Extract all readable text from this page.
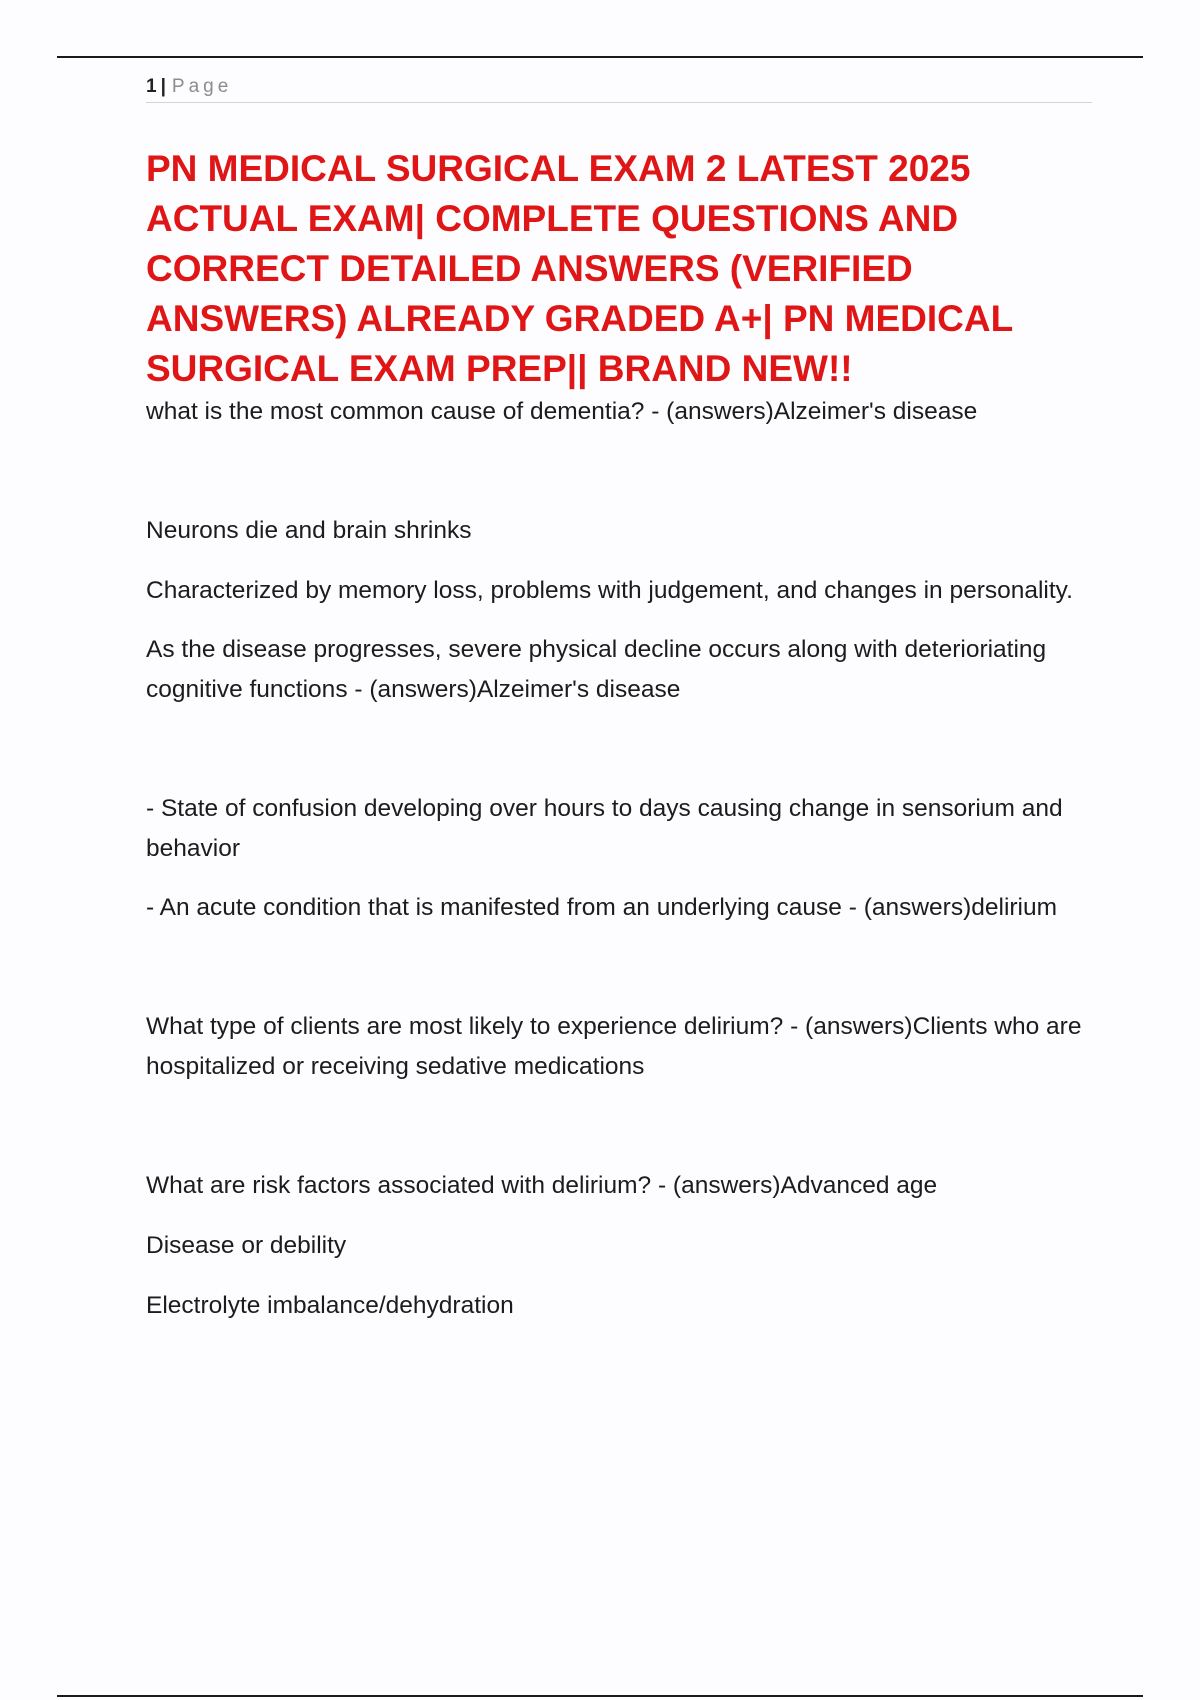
1 | Page
PN MEDICAL SURGICAL EXAM 2 LATEST 2025 ACTUAL EXAM| COMPLETE QUESTIONS AND CORRECT DETAILED ANSWERS (VERIFIED ANSWERS) ALREADY GRADED A+| PN MEDICAL SURGICAL EXAM PREP|| BRAND NEW!!

what is the most common cause of dementia? - (answers)Alzeimer's disease

Neurons die and brain shrinks

Characterized by memory loss, problems with judgement, and changes in personality.

As the disease progresses, severe physical decline occurs along with deterioriating cognitive functions - (answers)Alzeimer's disease

- State of confusion developing over hours to days causing change in sensorium and behavior

- An acute condition that is manifested from an underlying cause - (answers)delirium

What type of clients are most likely to experience delirium? - (answers)Clients who are hospitalized or receiving sedative medications

What are risk factors associated with delirium? - (answers)Advanced age

Disease or debility

Electrolyte imbalance/dehydration
